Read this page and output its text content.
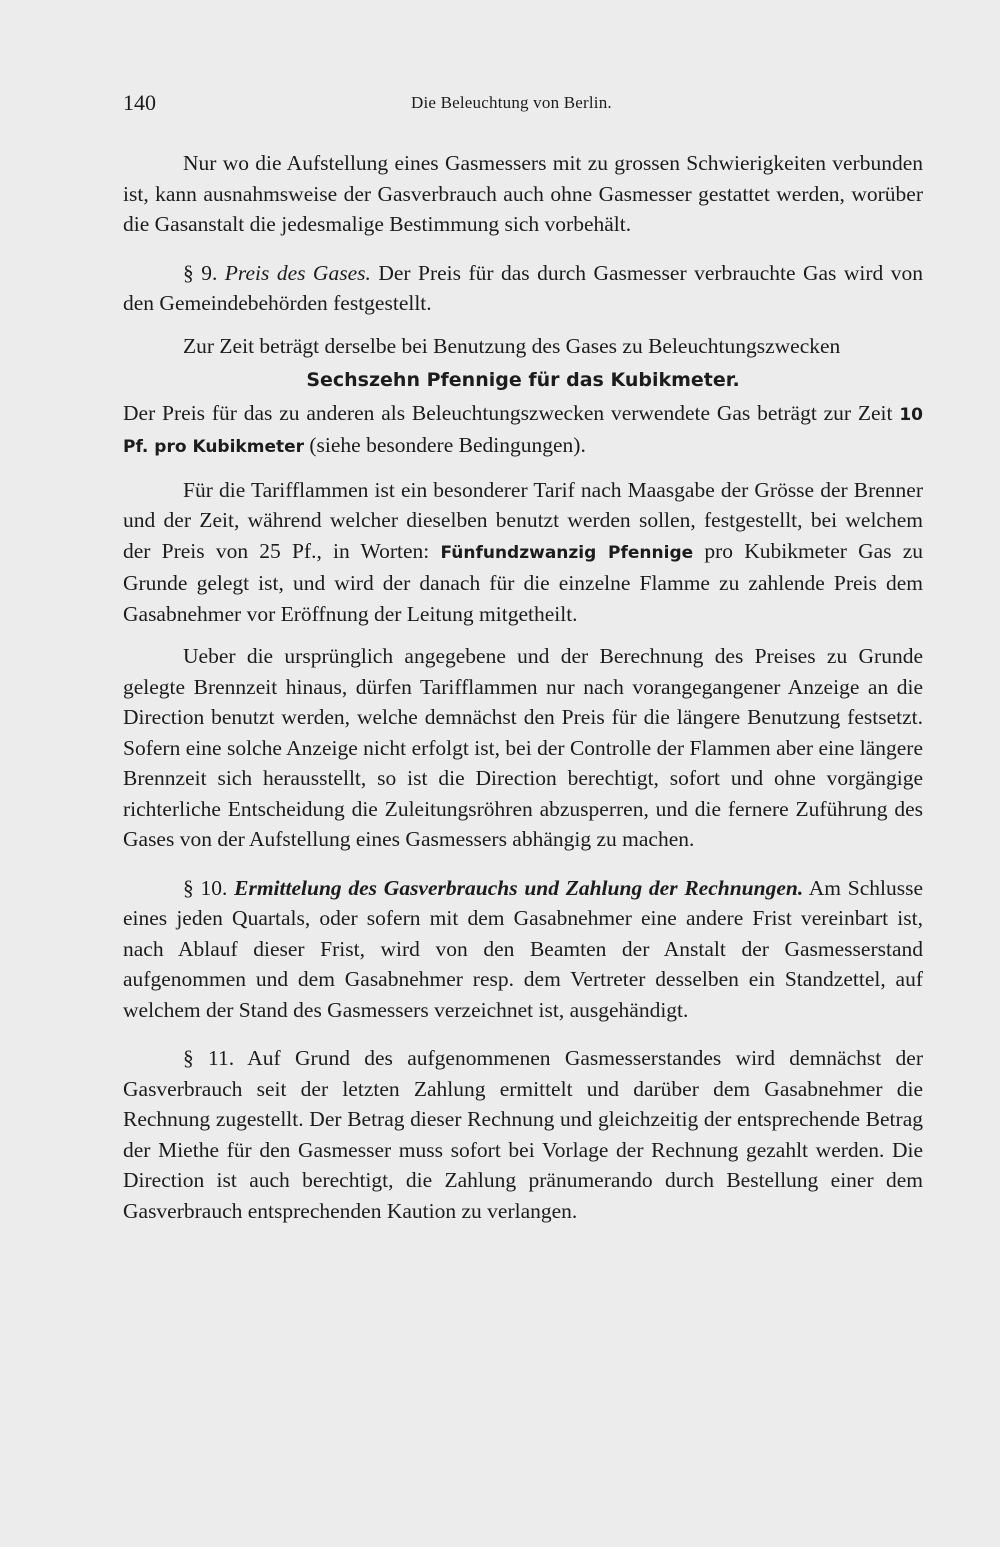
140	Die Beleuchtung von Berlin.

Nur wo die Aufstellung eines Gasmessers mit zu grossen Schwierigkeiten verbunden ist, kann ausnahmsweise der Gasverbrauch auch ohne Gasmesser gestattet werden, worüber die Gasanstalt die jedesmalige Bestimmung sich vorbehält.

§ 9. Preis des Gases. Der Preis für das durch Gasmesser verbrauchte Gas wird von den Gemeindebehörden festgestellt.

Zur Zeit beträgt derselbe bei Benutzung des Gases zu Beleuchtungszwecken

Sechszehn Pfennige für das Kubikmeter.

Der Preis für das zu anderen als Beleuchtungszwecken verwendete Gas beträgt zur Zeit 10 Pf. pro Kubikmeter (siehe besondere Bedingungen).

Für die Tarifflammen ist ein besonderer Tarif nach Maasgabe der Grösse der Brenner und der Zeit, während welcher dieselben benutzt werden sollen, festgestellt, bei welchem der Preis von 25 Pf., in Worten: Fünfundzwanzig Pfennige pro Kubikmeter Gas zu Grunde gelegt ist, und wird der danach für die einzelne Flamme zu zahlende Preis dem Gasabnehmer vor Eröffnung der Leitung mitgetheilt.

Ueber die ursprünglich angegebene und der Berechnung des Preises zu Grunde gelegte Brennzeit hinaus, dürfen Tarifflammen nur nach vorangegangener Anzeige an die Direction benutzt werden, welche demnächst den Preis für die längere Benutzung festsetzt. Sofern eine solche Anzeige nicht erfolgt ist, bei der Controlle der Flammen aber eine längere Brennzeit sich herausstellt, so ist die Direction berechtigt, sofort und ohne vorgängige richterliche Entscheidung die Zuleitungsröhren abzusperren, und die fernere Zuführung des Gases von der Aufstellung eines Gasmessers abhängig zu machen.

§ 10. Ermittelung des Gasverbrauchs und Zahlung der Rechnungen. Am Schlusse eines jeden Quartals, oder sofern mit dem Gasabnehmer eine andere Frist vereinbart ist, nach Ablauf dieser Frist, wird von den Beamten der Anstalt der Gasmesserstand aufgenommen und dem Gasabnehmer resp. dem Vertreter desselben ein Standzettel, auf welchem der Stand des Gasmessers verzeichnet ist, ausgehändigt.

§ 11. Auf Grund des aufgenommenen Gasmesserstandes wird demnächst der Gasverbrauch seit der letzten Zahlung ermittelt und darüber dem Gasabnehmer die Rechnung zugestellt. Der Betrag dieser Rechnung und gleichzeitig der entsprechende Betrag der Miethe für den Gasmesser muss sofort bei Vorlage der Rechnung gezahlt werden. Die Direction ist auch berechtigt, die Zahlung pränumerando durch Bestellung einer dem Gasverbrauch entsprechenden Kaution zu verlangen.
